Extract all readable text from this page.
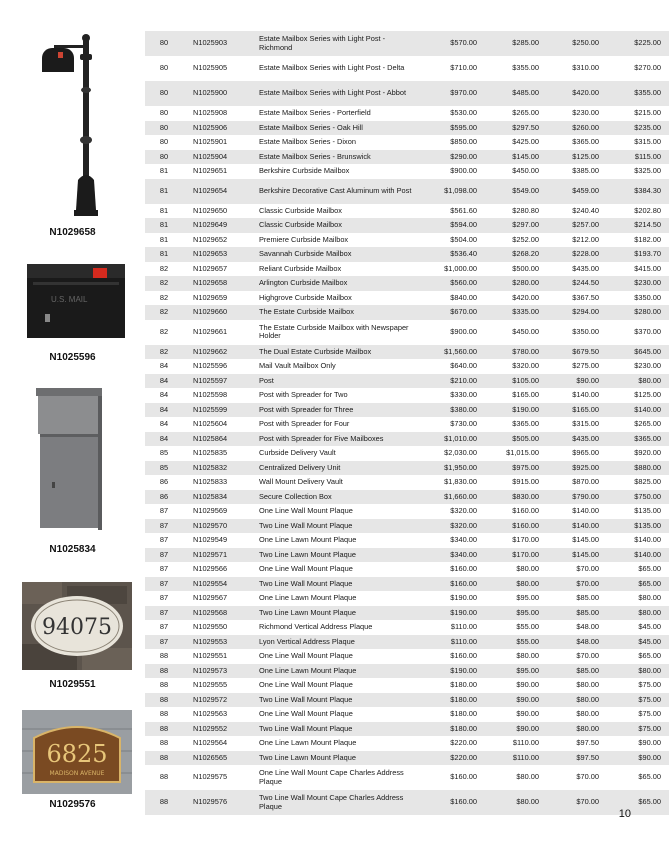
N1029658
U.S. MAIL
N1025596
N1025834
94075
N1029551
6825
MADISON AVENUE
N1029576
80	N1025903	Estate Mailbox Series with Light Post - Richmond	$570.00	$285.00	$250.00	$225.00
80	N1025905	Estate Mailbox Series with Light Post - Delta	$710.00	$355.00	$310.00	$270.00
80	N1025900	Estate Mailbox Series with Light Post - Abbot	$970.00	$485.00	$420.00	$355.00
80	N1025908	Estate Mailbox Series - Porterfield	$530.00	$265.00	$230.00	$215.00
80	N1025906	Estate Mailbox Series - Oak Hill	$595.00	$297.50	$260.00	$235.00
80	N1025901	Estate Mailbox Series - Dixon	$850.00	$425.00	$365.00	$315.00
80	N1025904	Estate Mailbox Series - Brunswick	$290.00	$145.00	$125.00	$115.00
81	N1029651	Berkshire Curbside Mailbox	$900.00	$450.00	$385.00	$325.00
81	N1029654	Berkshire Decorative Cast Aluminum with Post	$1,098.00	$549.00	$459.00	$384.30
81	N1029650	Classic Curbside Mailbox	$561.60	$280.80	$240.40	$202.80
81	N1029649	Classic Curbside Mailbox	$594.00	$297.00	$257.00	$214.50
81	N1029652	Premiere Curbside Mailbox	$504.00	$252.00	$212.00	$182.00
81	N1029653	Savannah Curbside Mailbox	$536.40	$268.20	$228.00	$193.70
82	N1029657	Reliant Curbside Mailbox	$1,000.00	$500.00	$435.00	$415.00
82	N1029658	Arlington Curbside Mailbox	$560.00	$280.00	$244.50	$230.00
82	N1029659	Highgrove Curbside Mailbox	$840.00	$420.00	$367.50	$350.00
82	N1029660	The Estate Curbside Mailbox	$670.00	$335.00	$294.00	$280.00
82	N1029661	The Estate Curbside Mailbox with Newspaper Holder	$900.00	$450.00	$350.00	$370.00
82	N1029662	The Dual Estate Curbside Mailbox	$1,560.00	$780.00	$679.50	$645.00
84	N1025596	Mail Vault Mailbox Only	$640.00	$320.00	$275.00	$230.00
84	N1025597	Post	$210.00	$105.00	$90.00	$80.00
84	N1025598	Post with Spreader for Two	$330.00	$165.00	$140.00	$125.00
84	N1025599	Post with Spreader for Three	$380.00	$190.00	$165.00	$140.00
84	N1025604	Post with Spreader for Four	$730.00	$365.00	$315.00	$265.00
84	N1025864	Post with Spreader for Five Mailboxes	$1,010.00	$505.00	$435.00	$365.00
85	N1025835	Curbside Delivery Vault	$2,030.00	$1,015.00	$965.00	$920.00
85	N1025832	Centralized Delivery Unit	$1,950.00	$975.00	$925.00	$880.00
86	N1025833	Wall Mount Delivery Vault	$1,830.00	$915.00	$870.00	$825.00
86	N1025834	Secure Collection Box	$1,660.00	$830.00	$790.00	$750.00
87	N1029569	One Line Wall Mount Plaque	$320.00	$160.00	$140.00	$135.00
87	N1029570	Two Line Wall Mount Plaque	$320.00	$160.00	$140.00	$135.00
87	N1029549	One Line Lawn Mount Plaque	$340.00	$170.00	$145.00	$140.00
87	N1029571	Two Line Lawn Mount Plaque	$340.00	$170.00	$145.00	$140.00
87	N1029566	One Line Wall Mount Plaque	$160.00	$80.00	$70.00	$65.00
87	N1029554	Two Line Wall Mount Plaque	$160.00	$80.00	$70.00	$65.00
87	N1029567	One Line Lawn Mount Plaque	$190.00	$95.00	$85.00	$80.00
87	N1029568	Two Line Lawn Mount Plaque	$190.00	$95.00	$85.00	$80.00
87	N1029550	Richmond Vertical Address Plaque	$110.00	$55.00	$48.00	$45.00
87	N1029553	Lyon Vertical Address Plaque	$110.00	$55.00	$48.00	$45.00
88	N1029551	One Line Wall Mount Plaque	$160.00	$80.00	$70.00	$65.00
88	N1029573	One Line Lawn Mount Plaque	$190.00	$95.00	$85.00	$80.00
88	N1029555	One Line Wall Mount Plaque	$180.00	$90.00	$80.00	$75.00
88	N1029572	Two Line Wall Mount Plaque	$180.00	$90.00	$80.00	$75.00
88	N1029563	One Line Wall Mount Plaque	$180.00	$90.00	$80.00	$75.00
88	N1029552	Two Line Wall Mount Plaque	$180.00	$90.00	$80.00	$75.00
88	N1029564	One Line Lawn Mount Plaque	$220.00	$110.00	$97.50	$90.00
88	N1026565	Two Line Lawn Mount Plaque	$220.00	$110.00	$97.50	$90.00
88	N1029575	One Line Wall Mount Cape Charles Address Plaque	$160.00	$80.00	$70.00	$65.00
88	N1029576	Two Line Wall Mount Cape Charles Address Plaque	$160.00	$80.00	$70.00	$65.00
10
